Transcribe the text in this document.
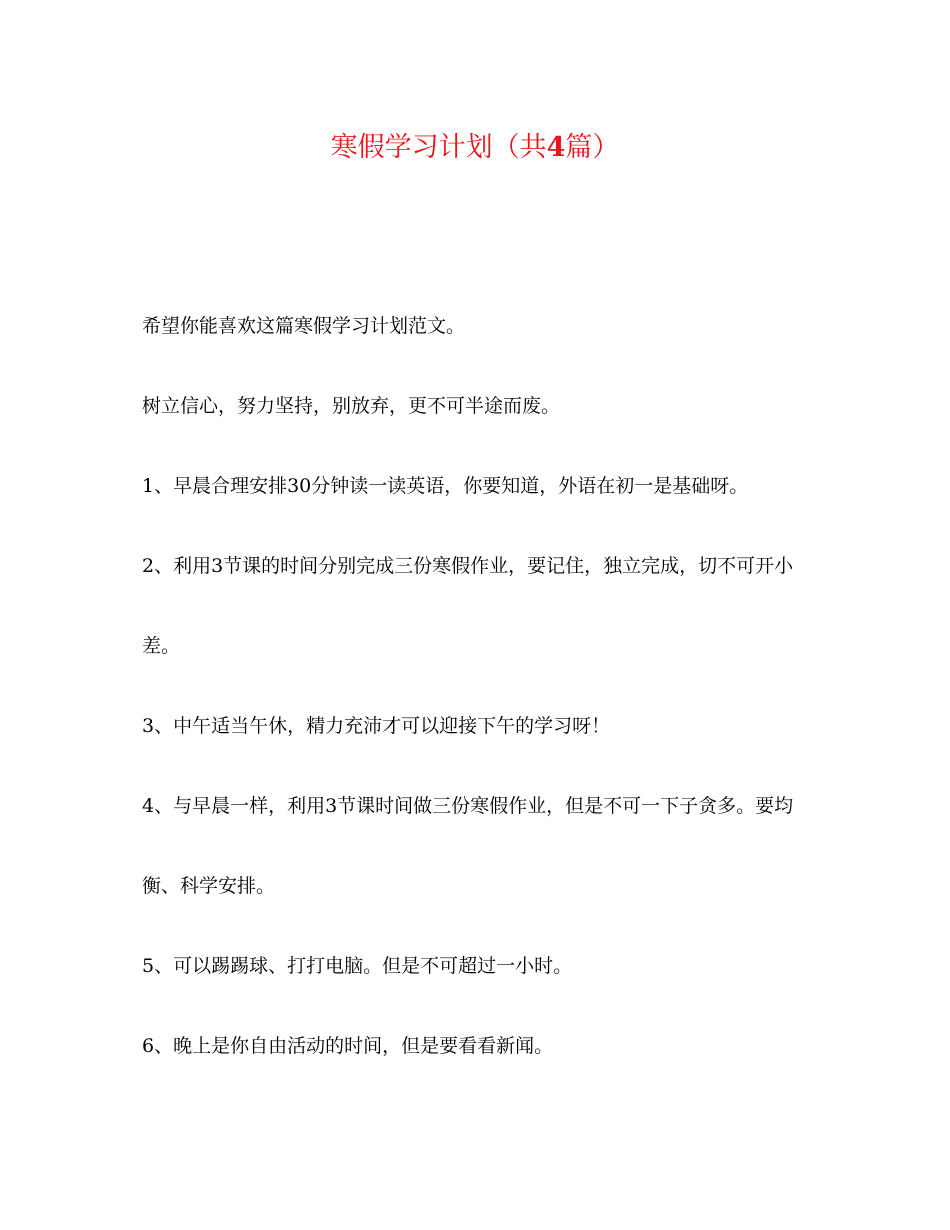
寒假学习计划（共4篇）

希望你能喜欢这篇寒假学习计划范文。

树立信心，努力坚持，别放弃，更不可半途而废。

1、早晨合理安排30分钟读一读英语，你要知道，外语在初一是基础呀。

2、利用3节课的时间分别完成三份寒假作业，要记住，独立完成，切不可开小差。

3、中午适当午休，精力充沛才可以迎接下午的学习呀！

4、与早晨一样，利用3节课时间做三份寒假作业，但是不可一下子贪多。要均衡、科学安排。

5、可以踢踢球、打打电脑。但是不可超过一小时。

6、晚上是你自由活动的时间，但是要看看新闻。
